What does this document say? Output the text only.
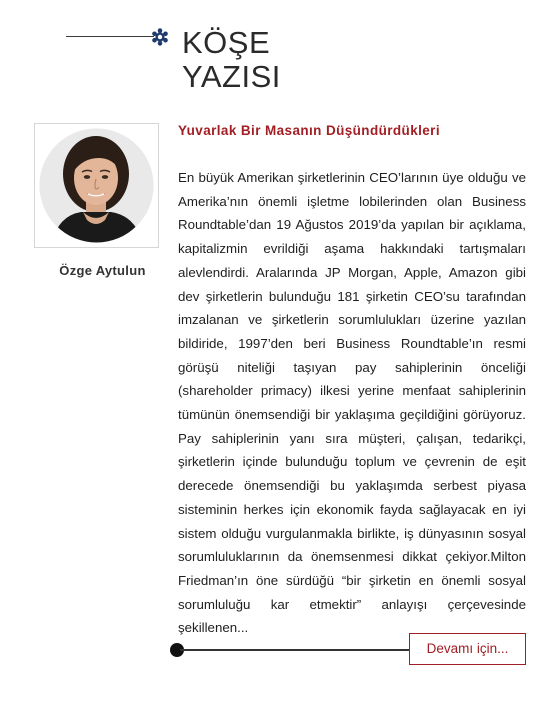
KÖŞE
YAZISI
Özge Aytulun
Yuvarlak Bir Masanın Düşündürdükleri

En büyük Amerikan şirketlerinin CEO’larının üye olduğu ve Amerika’nın önemli işletme lobilerinden olan Business Roundtable’dan 19 Ağustos 2019’da yapılan bir açıklama, kapitalizmin evrildiği aşama hakkındaki tartışmaları alevlendirdi. Aralarında JP Morgan, Apple, Amazon gibi dev şirketlerin bulunduğu 181 şirketin CEO’su tarafından imzalanan ve şirketlerin sorumlulukları üzerine yazılan bildiride, 1997’den beri Business Roundtable’ın resmi görüşü niteliği taşıyan pay sahiplerinin önceliği (shareholder primacy) ilkesi yerine menfaat sahiplerinin tümünün önemsendiği bir yaklaşıma geçildiğini görüyoruz. Pay sahiplerinin yanı sıra müşteri, çalışan, tedarikçi, şirketlerin içinde bulunduğu toplum ve çevrenin de eşit derecede önemsendiği bu yaklaşımda serbest piyasa sisteminin herkes için ekonomik fayda sağlayacak en iyi sistem olduğu vurgulanmakla birlikte, iş dünyasının sosyal sorumluluklarının da önemsenmesi dikkat çekiyor.Milton Friedman’ın öne sürdüğü “bir şirketin en önemli sosyal sorumluluğu kar etmektir” anlayışı çerçevesinde şekillenen...

Devamı için...
